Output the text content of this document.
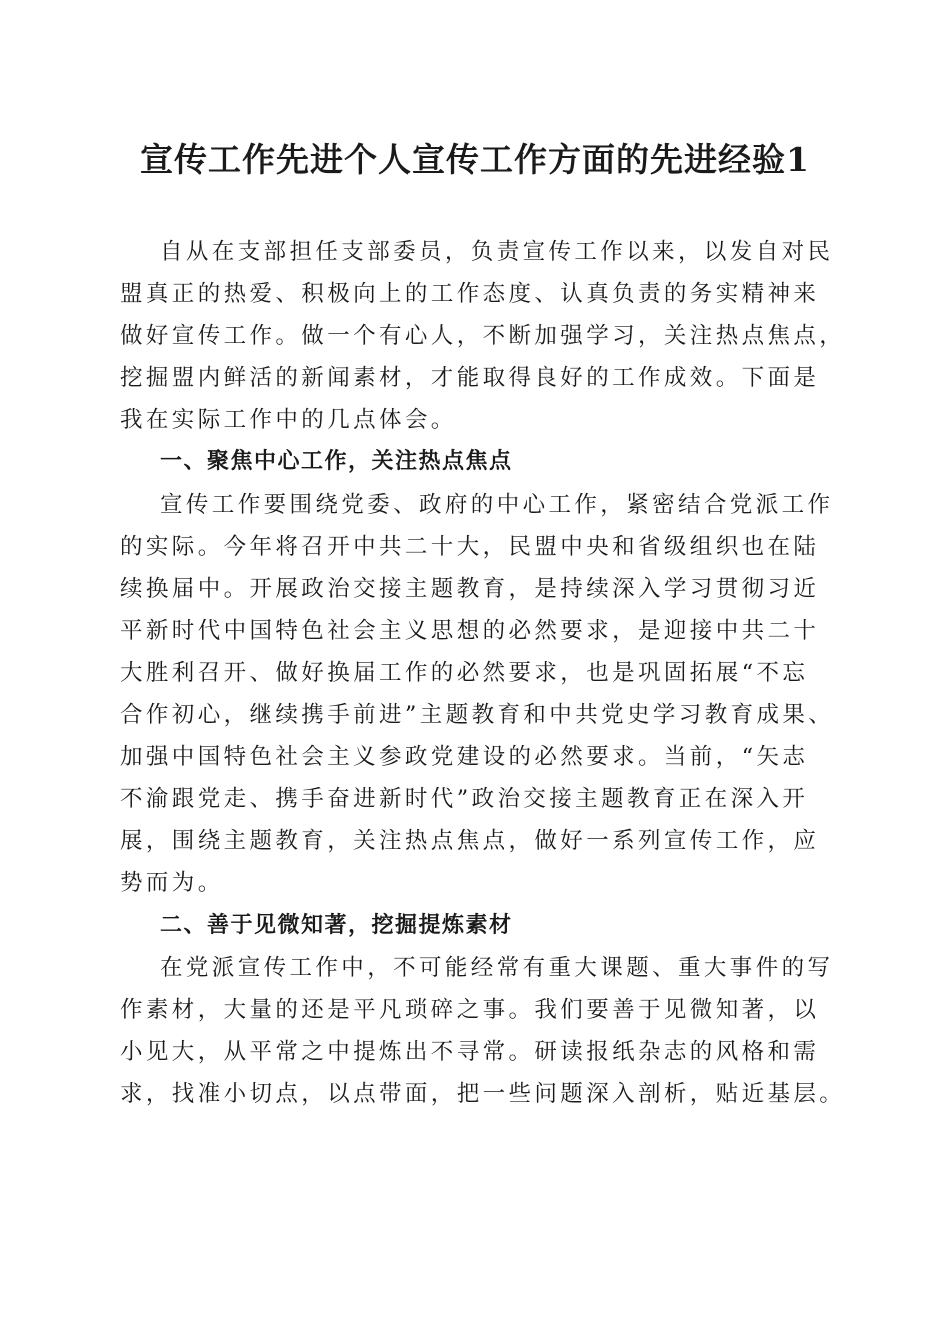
宣传工作先进个人宣传工作方面的先进经验1
自从在支部担任支部委员，负责宣传工作以来，以发自对民
盟真正的热爱、积极向上的工作态度、认真负责的务实精神来
做好宣传工作。做一个有心人，不断加强学习，关注热点焦点，
挖掘盟内鲜活的新闻素材，才能取得良好的工作成效。下面是
我在实际工作中的几点体会。
一、聚焦中心工作，关注热点焦点
宣传工作要围绕党委、政府的中心工作，紧密结合党派工作
的实际。今年将召开中共二十大，民盟中央和省级组织也在陆
续换届中。开展政治交接主题教育，是持续深入学习贯彻习近
平新时代中国特色社会主义思想的必然要求，是迎接中共二十
大胜利召开、做好换届工作的必然要求，也是巩固拓展“不忘
合作初心，继续携手前进”主题教育和中共党史学习教育成果、
加强中国特色社会主义参政党建设的必然要求。当前，“矢志
不渝跟党走、携手奋进新时代”政治交接主题教育正在深入开
展，围绕主题教育，关注热点焦点，做好一系列宣传工作，应
势而为。
二、善于见微知著，挖掘提炼素材
在党派宣传工作中，不可能经常有重大课题、重大事件的写
作素材，大量的还是平凡琐碎之事。我们要善于见微知著，以
小见大，从平常之中提炼出不寻常。研读报纸杂志的风格和需
求，找准小切点，以点带面，把一些问题深入剖析，贴近基层。
